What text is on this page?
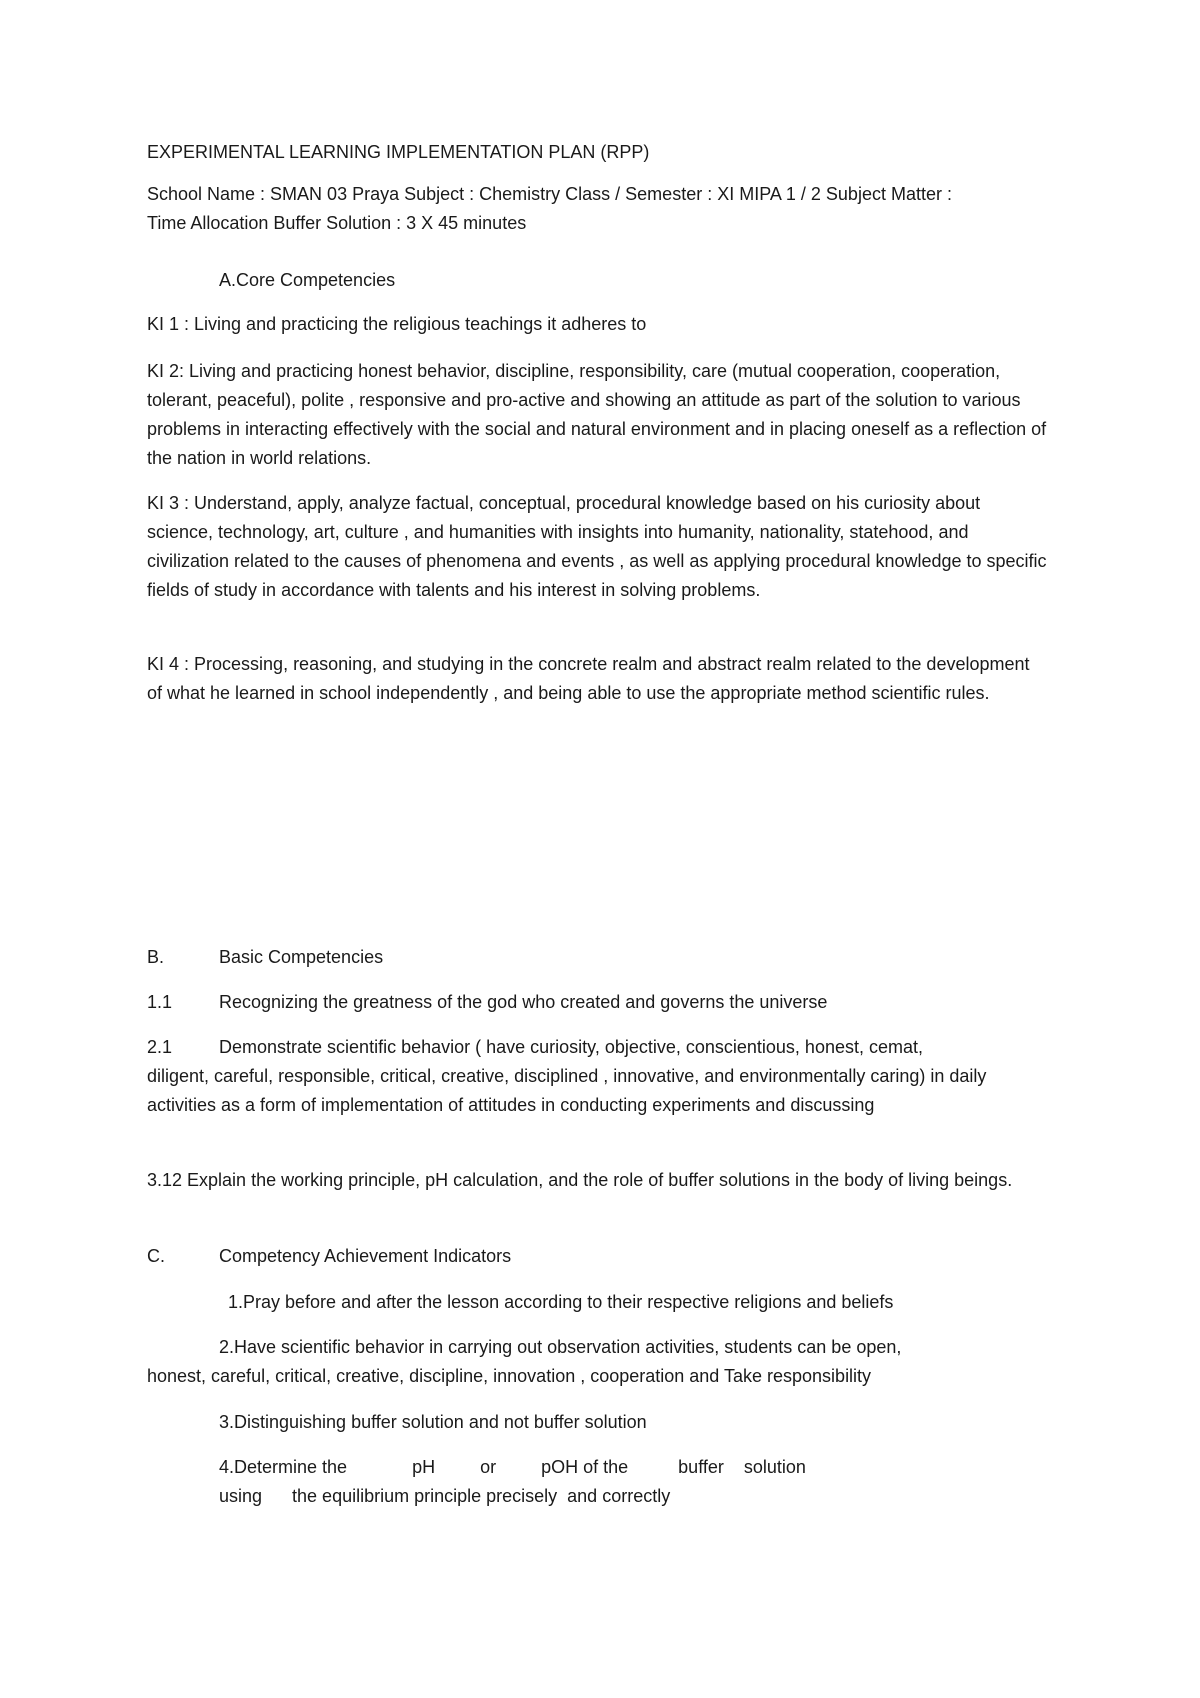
EXPERIMENTAL LEARNING IMPLEMENTATION PLAN (RPP)

School Name : SMAN 03 Praya Subject : Chemistry Class / Semester : XI MIPA 1 / 2 Subject Matter :

Time Allocation Buffer Solution : 3 X 45 minutes

A.Core Competencies

KI 1 : Living and practicing the religious teachings it adheres to

KI 2: Living and practicing honest behavior, discipline, responsibility, care (mutual cooperation, cooperation, tolerant, peaceful), polite , responsive and pro-active and showing an attitude as part of the solution to various problems in interacting effectively with the social and natural environment and in placing oneself as a reflection of the nation in world relations.

KI 3 : Understand, apply, analyze factual, conceptual, procedural knowledge based on his curiosity about science, technology, art, culture , and humanities with insights into humanity, nationality, statehood, and civilization related to the causes of phenomena and events , as well as applying procedural knowledge to specific fields of study in accordance with talents and his interest in solving problems.

KI 4 : Processing, reasoning, and studying in the concrete realm and abstract realm related to the development of what he learned in school independently , and being able to use the appropriate method scientific rules.

B.	Basic Competencies

1.1	Recognizing the greatness of the god who created and governs the universe

2.1	Demonstrate scientific behavior ( have curiosity, objective, conscientious, honest, cemat,

diligent, careful, responsible, critical, creative, disciplined , innovative, and environmentally caring) in daily activities as a form of implementation of attitudes in conducting experiments and discussing

3.12 Explain the working principle, pH calculation, and the role of buffer solutions in the body of living beings.

C.	Competency Achievement Indicators

1.Pray before and after the lesson according to their respective religions and beliefs

2.Have scientific behavior in carrying out observation activities, students can be open,

honest, careful, critical, creative, discipline, innovation , cooperation and Take responsibility

3.Distinguishing buffer solution and not buffer solution

4.Determine the             pH         or         pOH of the          buffer    solution

using      the equilibrium principle precisely  and correctly
